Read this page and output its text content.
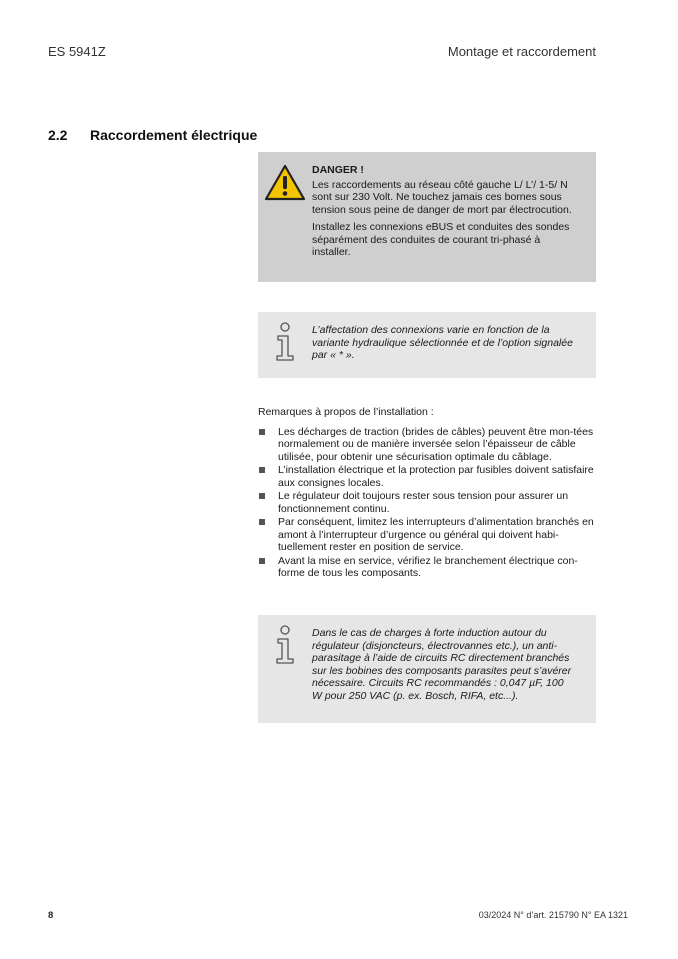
ES 5941Z	Montage et raccordement
2.2 Raccordement électrique
DANGER !

Les raccordements au réseau côté gauche L/ L’/ 1-5/ N sont sur 230 Volt. Ne touchez jamais ces bornes sous tension sous peine de danger de mort par électrocution.

Installez les connexions eBUS et conduites des sondes séparément des conduites de courant tri-phasé à installer.

L’affectation des connexions varie en fonction de la variante hydraulique sélectionnée et de l’option signalée par « * ».

Remarques à propos de l’installation :

Les décharges de traction (brides de câbles) peuvent être mon-tées normalement ou de manière inversée selon l’épaisseur de câble utilisée, pour obtenir une sécurisation optimale du câblage.
L’installation électrique et la protection par fusibles doivent satisfaire aux consignes locales.
Le régulateur doit toujours rester sous tension pour assurer un fonctionnement continu.
Par conséquent, limitez les interrupteurs d’alimentation branchés en amont à l’interrupteur d’urgence ou général qui doivent habi-tuellement rester en position de service.
Avant la mise en service, vérifiez le branchement électrique con-forme de tous les composants.
Dans le cas de charges à forte induction autour du régulateur (disjoncteurs, électrovannes etc.), un anti-parasitage à l’aide de circuits RC directement branchés sur les bobines des composants parasites peut s’avérer nécessaire. Circuits RC recommandés : 0,047 µF, 100 W pour 250 VAC (p. ex. Bosch, RIFA, etc...).
8	03/2024 N° d’art. 215790 N° EA 1321
